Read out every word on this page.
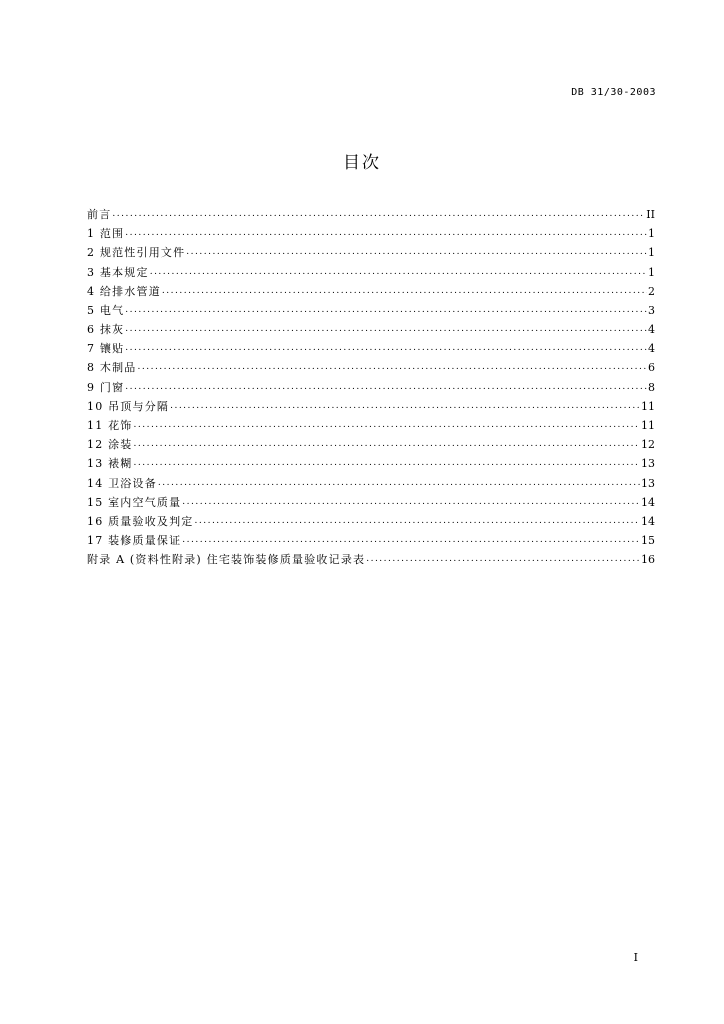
DB 31/30-2003
目次
前言 .....	II
1 范围 .....	1
2 规范性引用文件 .....	1
3 基本规定 .....	1
4 给排水管道 .....	2
5 电气 .....	3
6 抹灰 .....	4
7 镶贴 .....	4
8 木制品 .....	6
9 门窗 .....	8
10 吊顶与分隔 .....	11
11 花饰 .....	11
12 涂装 .....	12
13 裱糊 .....	13
14 卫浴设备 .....	13
15 室内空气质量 .....	14
16 质量验收及判定 .....	14
17 装修质量保证 .....	15
附录 A (资料性附录) 住宅装饰装修质量验收记录表 .....	16
I
